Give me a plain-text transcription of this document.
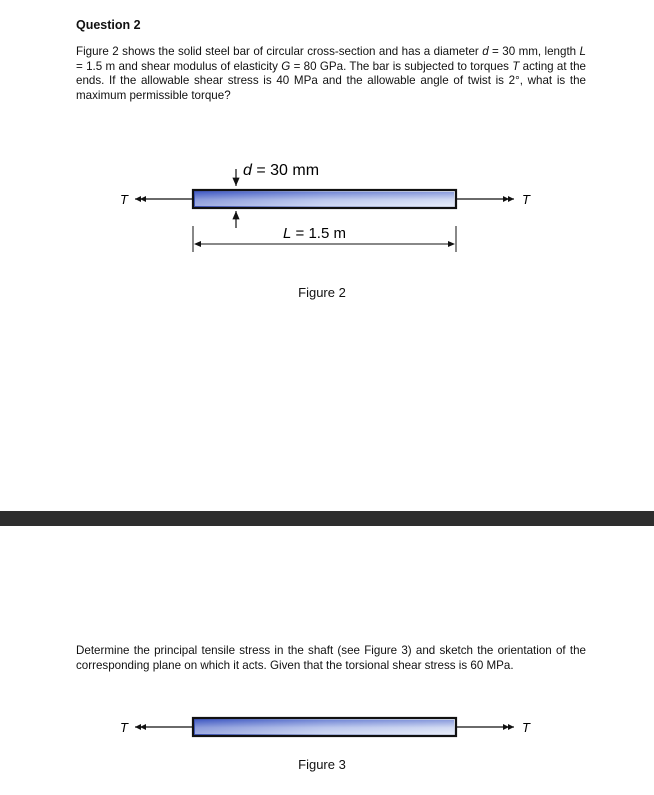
Question 2

Figure 2 shows the solid steel bar of circular cross-section and has a diameter d = 30 mm, length L = 1.5 m and shear modulus of elasticity G = 80 GPa. The bar is subjected to torques T acting at the ends. If the allowable shear stress is 40 MPa and the allowable angle of twist is 2°, what is the maximum permissible torque?

d = 30 mm
T	T
L = 1.5 m
Figure 2

Determine the principal tensile stress in the shaft (see Figure 3) and sketch the orientation of the corresponding plane on which it acts. Given that the torsional shear stress is 60 MPa.

T	T
Figure 3
